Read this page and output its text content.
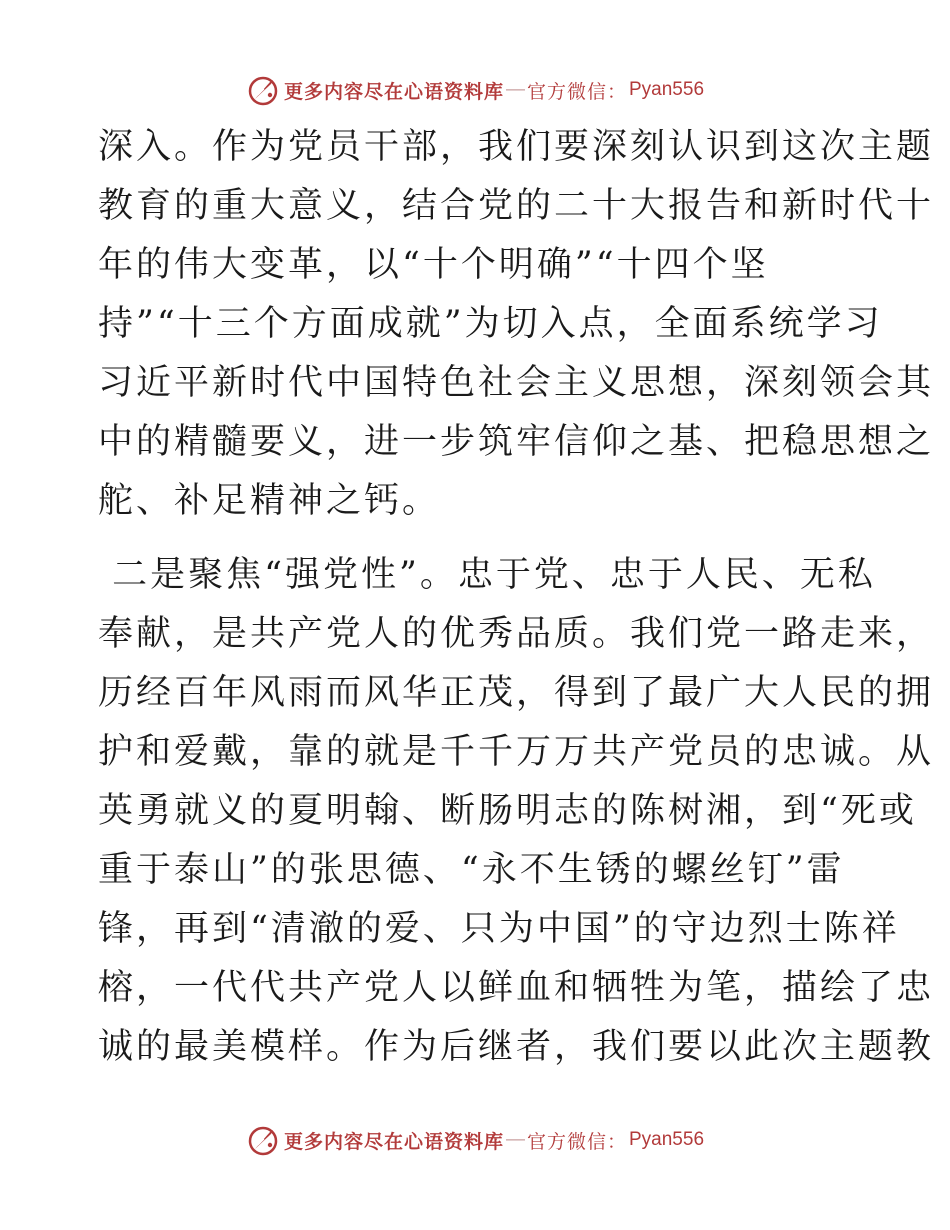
更多内容尽在心语资料库 — 官方微信： Pyan556

深入。作为党员干部，我们要深刻认识到这次主题
教育的重大意义，结合党的二十大报告和新时代十
年的伟大变革，以“十个明确”“十四个坚
持”“十三个方面成就”为切入点，全面系统学习
习近平新时代中国特色社会主义思想，深刻领会其
中的精髓要义，进一步筑牢信仰之基、把稳思想之
舵、补足精神之钙。

二是聚焦“强党性”。忠于党、忠于人民、无私
奉献，是共产党人的优秀品质。我们党一路走来，
历经百年风雨而风华正茂，得到了最广大人民的拥
护和爱戴，靠的就是千千万万共产党员的忠诚。从
英勇就义的夏明翰、断肠明志的陈树湘，到“死或
重于泰山”的张思德、“永不生锈的螺丝钉”雷
锋，再到“清澈的爱、只为中国”的守边烈士陈祥
榕，一代代共产党人以鲜血和牺牲为笔，描绘了忠
诚的最美模样。作为后继者，我们要以此次主题教

更多内容尽在心语资料库 — 官方微信： Pyan556
